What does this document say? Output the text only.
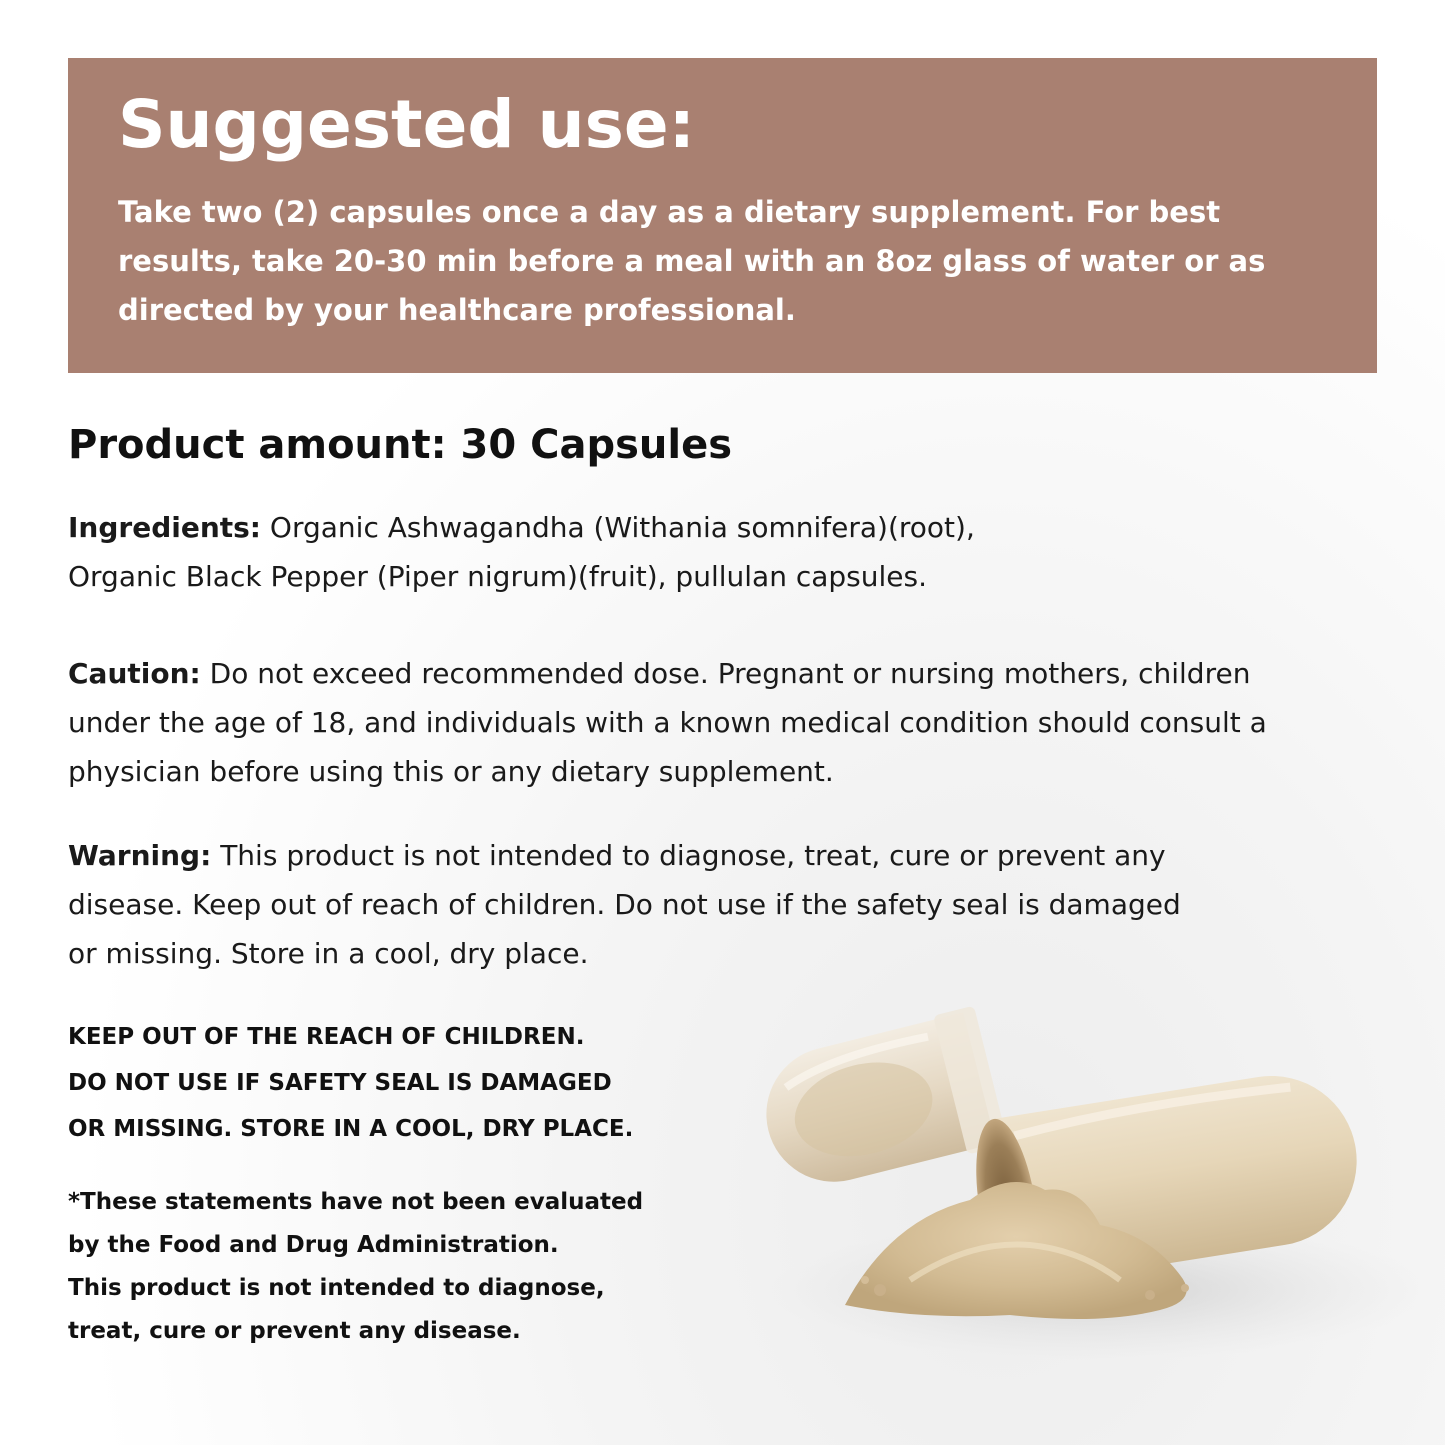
Suggested use:

Take two (2) capsules once a day as a dietary supplement. For best results, take 20-30 min before a meal with an 8oz glass of water or as directed by your healthcare professional.

Product amount: 30 Capsules

Ingredients: Organic Ashwagandha (Withania somnifera)(root),
Organic Black Pepper (Piper nigrum)(fruit), pullulan capsules.

Caution: Do not exceed recommended dose. Pregnant or nursing mothers, children under the age of 18, and individuals with a known medical condition should consult a physician before using this or any dietary supplement.

Warning: This product is not intended to diagnose, treat, cure or prevent any disease. Keep out of reach of children. Do not use if the safety seal is damaged or missing. Store in a cool, dry place.

KEEP OUT OF THE REACH OF CHILDREN.
DO NOT USE IF SAFETY SEAL IS DAMAGED
OR MISSING. STORE IN A COOL, DRY PLACE.
*These statements have not been evaluated
by the Food and Drug Administration.
This product is not intended to diagnose,
treat, cure or prevent any disease.
